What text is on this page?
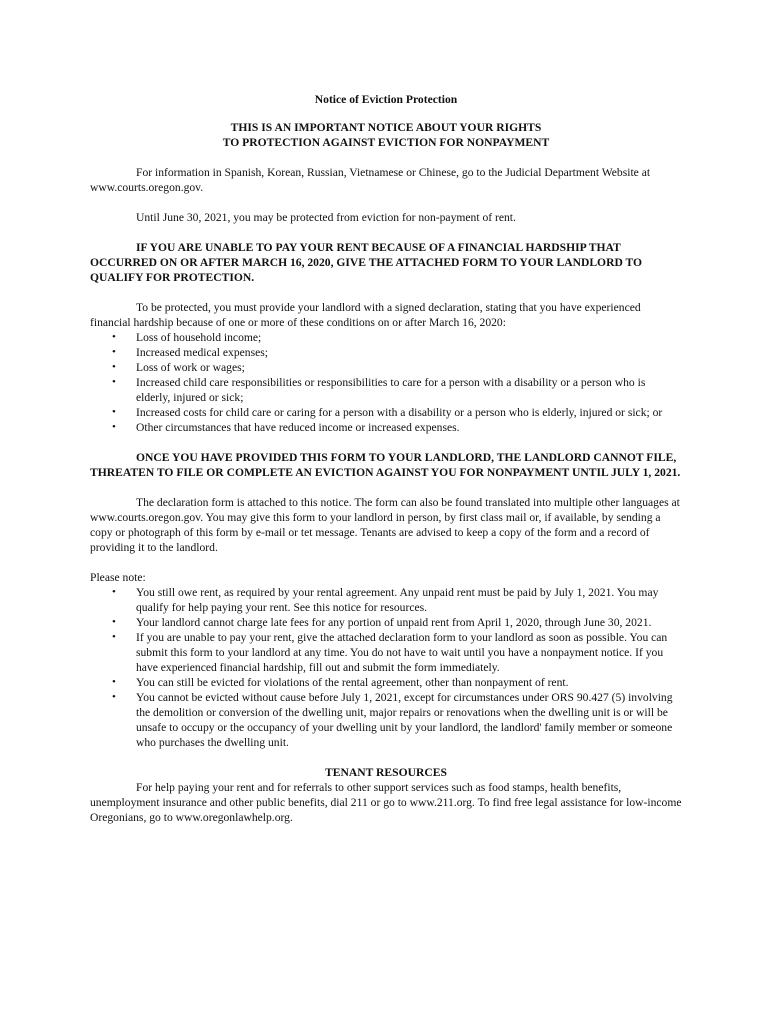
Notice of Eviction Protection

THIS IS AN IMPORTANT NOTICE ABOUT YOUR RIGHTS
TO PROTECTION AGAINST EVICTION FOR NONPAYMENT

For information in Spanish, Korean, Russian, Vietnamese or Chinese, go to the Judicial Department Website at www.courts.oregon.gov.

Until June 30, 2021, you may be protected from eviction for non-payment of rent.

IF YOU ARE UNABLE TO PAY YOUR RENT BECAUSE OF A FINANCIAL HARDSHIP THAT OCCURRED ON OR AFTER MARCH 16, 2020, GIVE THE ATTACHED FORM TO YOUR LANDLORD TO QUALIFY FOR PROTECTION.

To be protected, you must provide your landlord with a signed declaration, stating that you have experienced financial hardship because of one or more of these conditions on or after March 16, 2020:

• Loss of household income;
• Increased medical expenses;
• Loss of work or wages;
• Increased child care responsibilities or responsibilities to care for a person with a disability or a person who is elderly, injured or sick;
• Increased costs for child care or caring for a person with a disability or a person who is elderly, injured or sick; or
• Other circumstances that have reduced income or increased expenses.

ONCE YOU HAVE PROVIDED THIS FORM TO YOUR LANDLORD, THE LANDLORD CANNOT FILE, THREATEN TO FILE OR COMPLETE AN EVICTION AGAINST YOU FOR NONPAYMENT UNTIL JULY 1, 2021.

The declaration form is attached to this notice. The form can also be found translated into multiple other languages at www.courts.oregon.gov. You may give this form to your landlord in person, by first class mail or, if available, by sending a copy or photograph of this form by e-mail or tet message. Tenants are advised to keep a copy of the form and a record of providing it to the landlord.

Please note:

• You still owe rent, as required by your rental agreement. Any unpaid rent must be paid by July 1, 2021. You may qualify for help paying your rent. See this notice for resources.
• Your landlord cannot charge late fees for any portion of unpaid rent from April 1, 2020, through June 30, 2021.
• If you are unable to pay your rent, give the attached declaration form to your landlord as soon as possible. You can submit this form to your landlord at any time. You do not have to wait until you have a nonpayment notice. If you have experienced financial hardship, fill out and submit the form immediately.
• You can still be evicted for violations of the rental agreement, other than nonpayment of rent.
• You cannot be evicted without cause before July 1, 2021, except for circumstances under ORS 90.427 (5) involving the demolition or conversion of the dwelling unit, major repairs or renovations when the dwelling unit is or will be unsafe to occupy or the occupancy of your dwelling unit by your landlord, the landlord' family member or someone who purchases the dwelling unit.

TENANT RESOURCES

For help paying your rent and for referrals to other support services such as food stamps, health benefits, unemployment insurance and other public benefits, dial 211 or go to www.211.org. To find free legal assistance for low-income Oregonians, go to www.oregonlawhelp.org.
